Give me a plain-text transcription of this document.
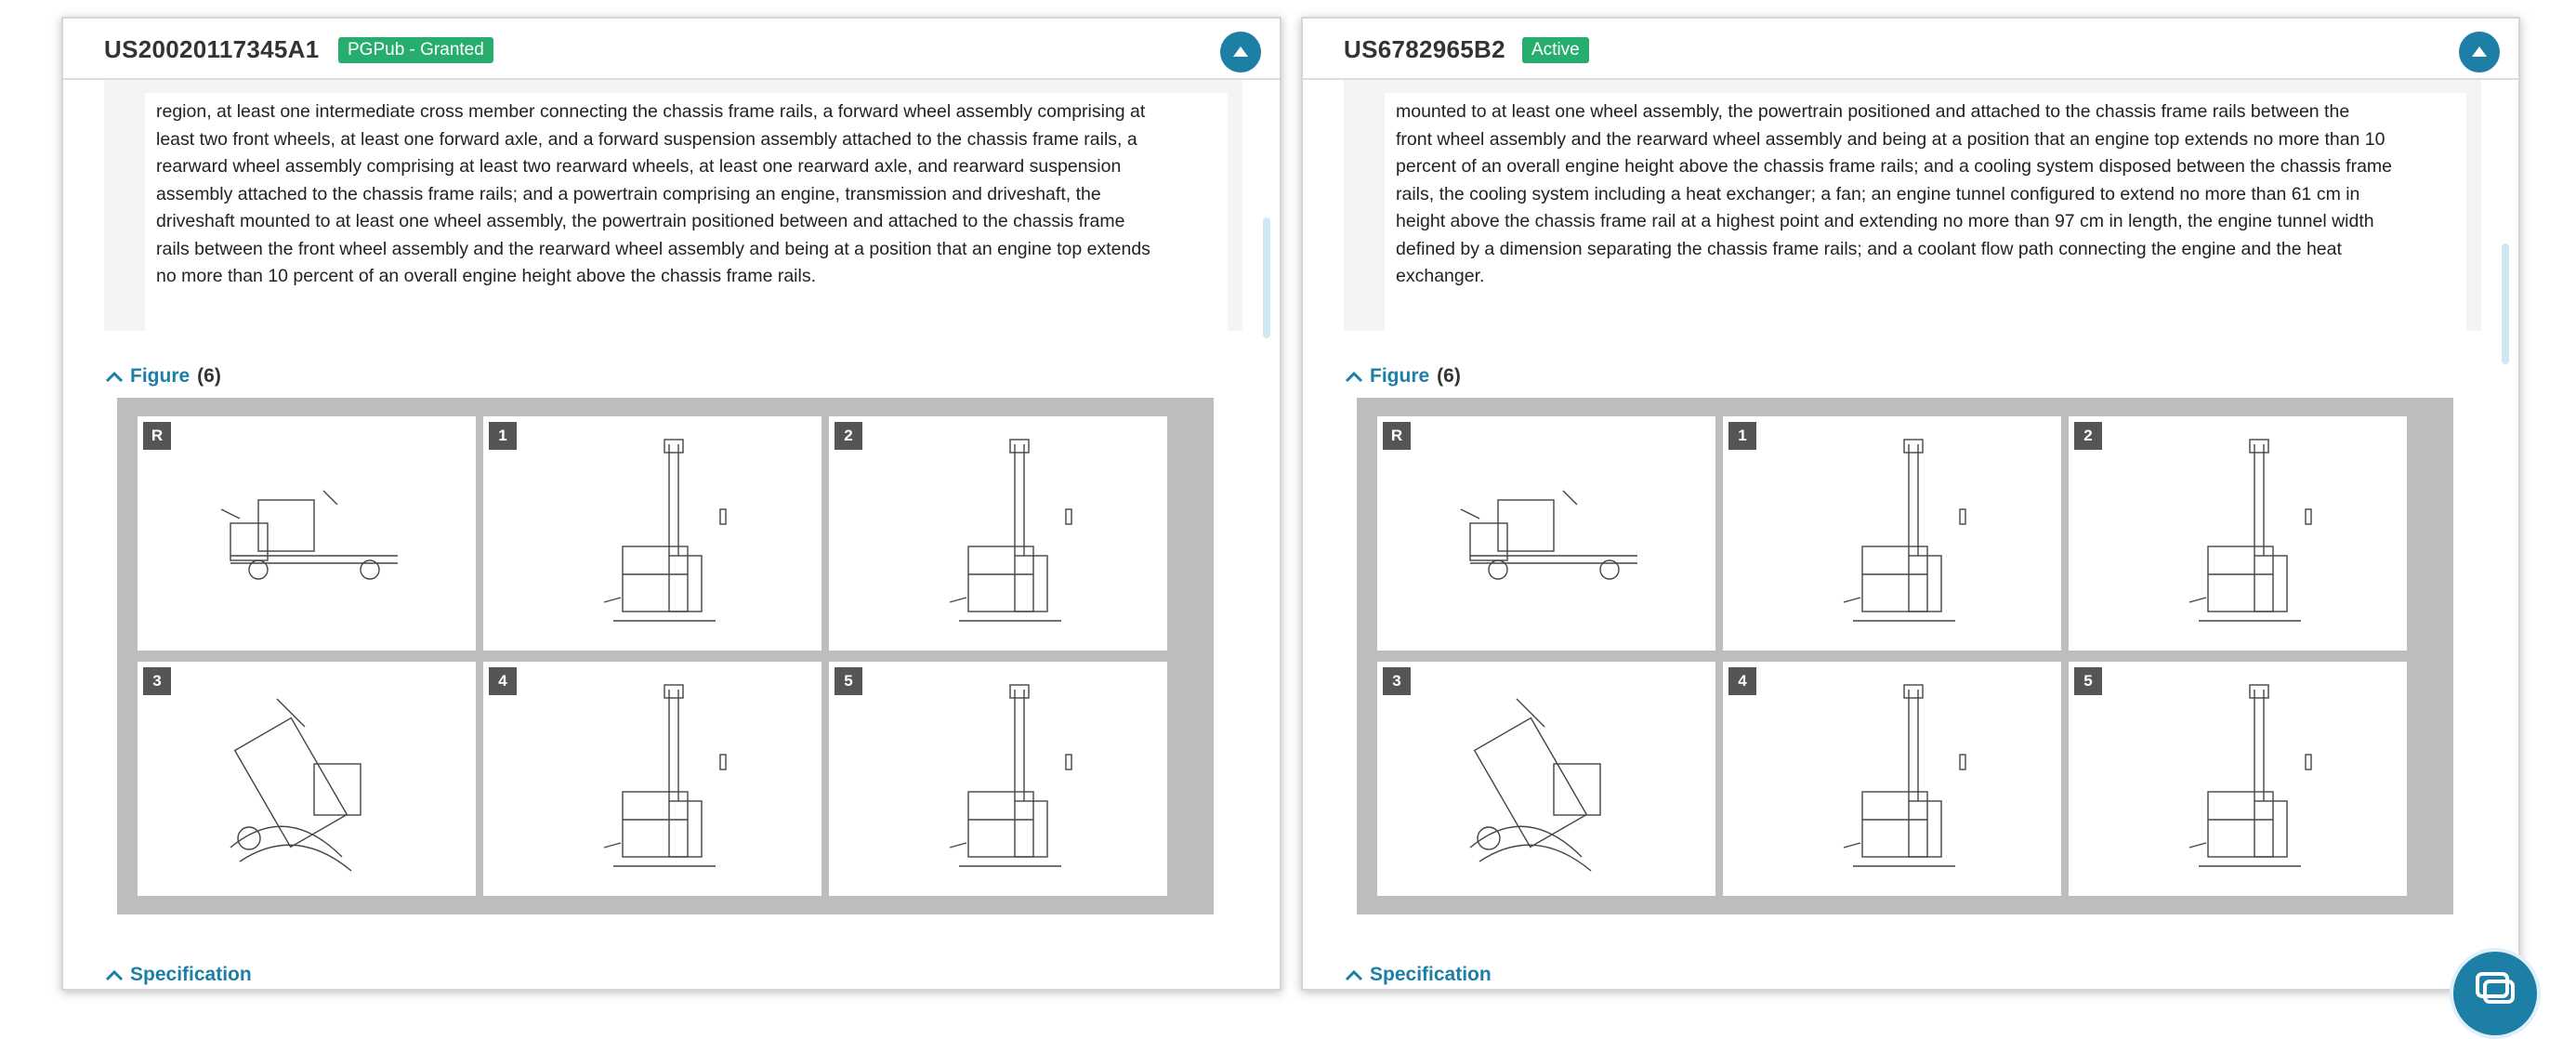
US20020117345A1	PGPub - Granted
region, at least one intermediate cross member connecting the chassis frame rails, a forward wheel assembly comprising at
least two front wheels, at least one forward axle, and a forward suspension assembly attached to the chassis frame rails, a
rearward wheel assembly comprising at least two rearward wheels, at least one rearward axle, and rearward suspension
assembly attached to the chassis frame rails; and a powertrain comprising an engine, transmission and driveshaft, the
driveshaft mounted to at least one wheel assembly, the powertrain positioned between and attached to the chassis frame
rails between the front wheel assembly and the rearward wheel assembly and being at a position that an engine top extends
no more than 10 percent of an overall engine height above the chassis frame rails.
Figure (6)
R	1	2
3	4	5
Specification
US6782965B2	Active
mounted to at least one wheel assembly, the powertrain positioned and attached to the chassis frame rails between the
front wheel assembly and the rearward wheel assembly and being at a position that an engine top extends no more than 10
percent of an overall engine height above the chassis frame rails; and a cooling system disposed between the chassis frame
rails, the cooling system including a heat exchanger; a fan; an engine tunnel configured to extend no more than 61 cm in
height above the chassis frame rail at a highest point and extending no more than 97 cm in length, the engine tunnel width
defined by a dimension separating the chassis frame rails; and a coolant flow path connecting the engine and the heat
exchanger.
Figure (6)
R	1	2
3	4	5
Specification
